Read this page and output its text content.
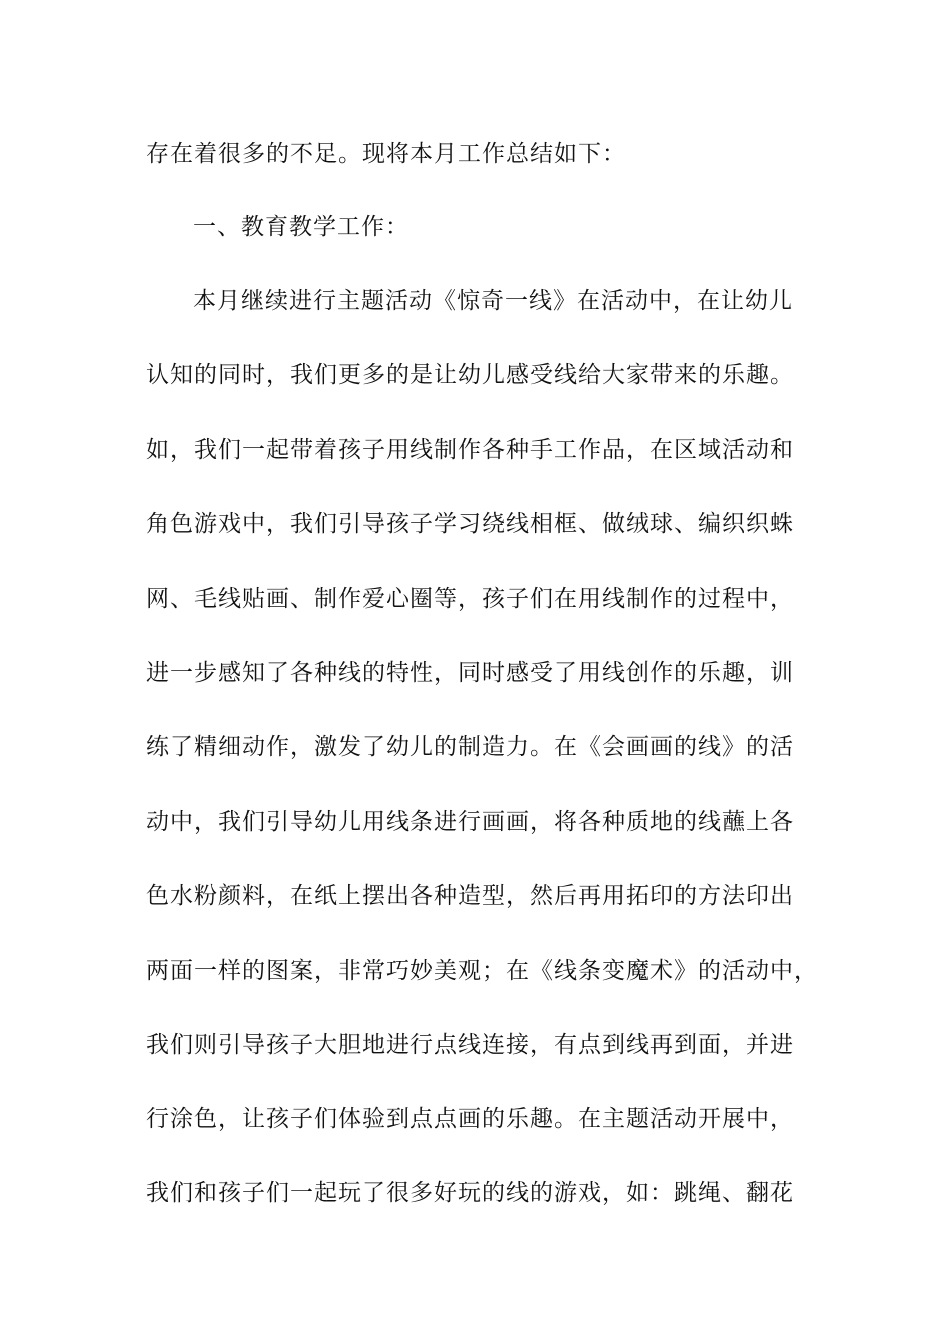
存在着很多的不足。现将本月工作总结如下：
一、教育教学工作：
本月继续进行主题活动《惊奇一线》在活动中，在让幼儿
认知的同时，我们更多的是让幼儿感受线给大家带来的乐趣。
如，我们一起带着孩子用线制作各种手工作品，在区域活动和
角色游戏中，我们引导孩子学习绕线相框、做绒球、编织织蛛
网、毛线贴画、制作爱心圈等，孩子们在用线制作的过程中，
进一步感知了各种线的特性，同时感受了用线创作的乐趣，训
练了精细动作，激发了幼儿的制造力。在《会画画的线》的活
动中，我们引导幼儿用线条进行画画，将各种质地的线蘸上各
色水粉颜料，在纸上摆出各种造型，然后再用拓印的方法印出
两面一样的图案，非常巧妙美观；在《线条变魔术》的活动中，
我们则引导孩子大胆地进行点线连接，有点到线再到面，并进
行涂色，让孩子们体验到点点画的乐趣。在主题活动开展中，
我们和孩子们一起玩了很多好玩的线的游戏，如：跳绳、翻花
